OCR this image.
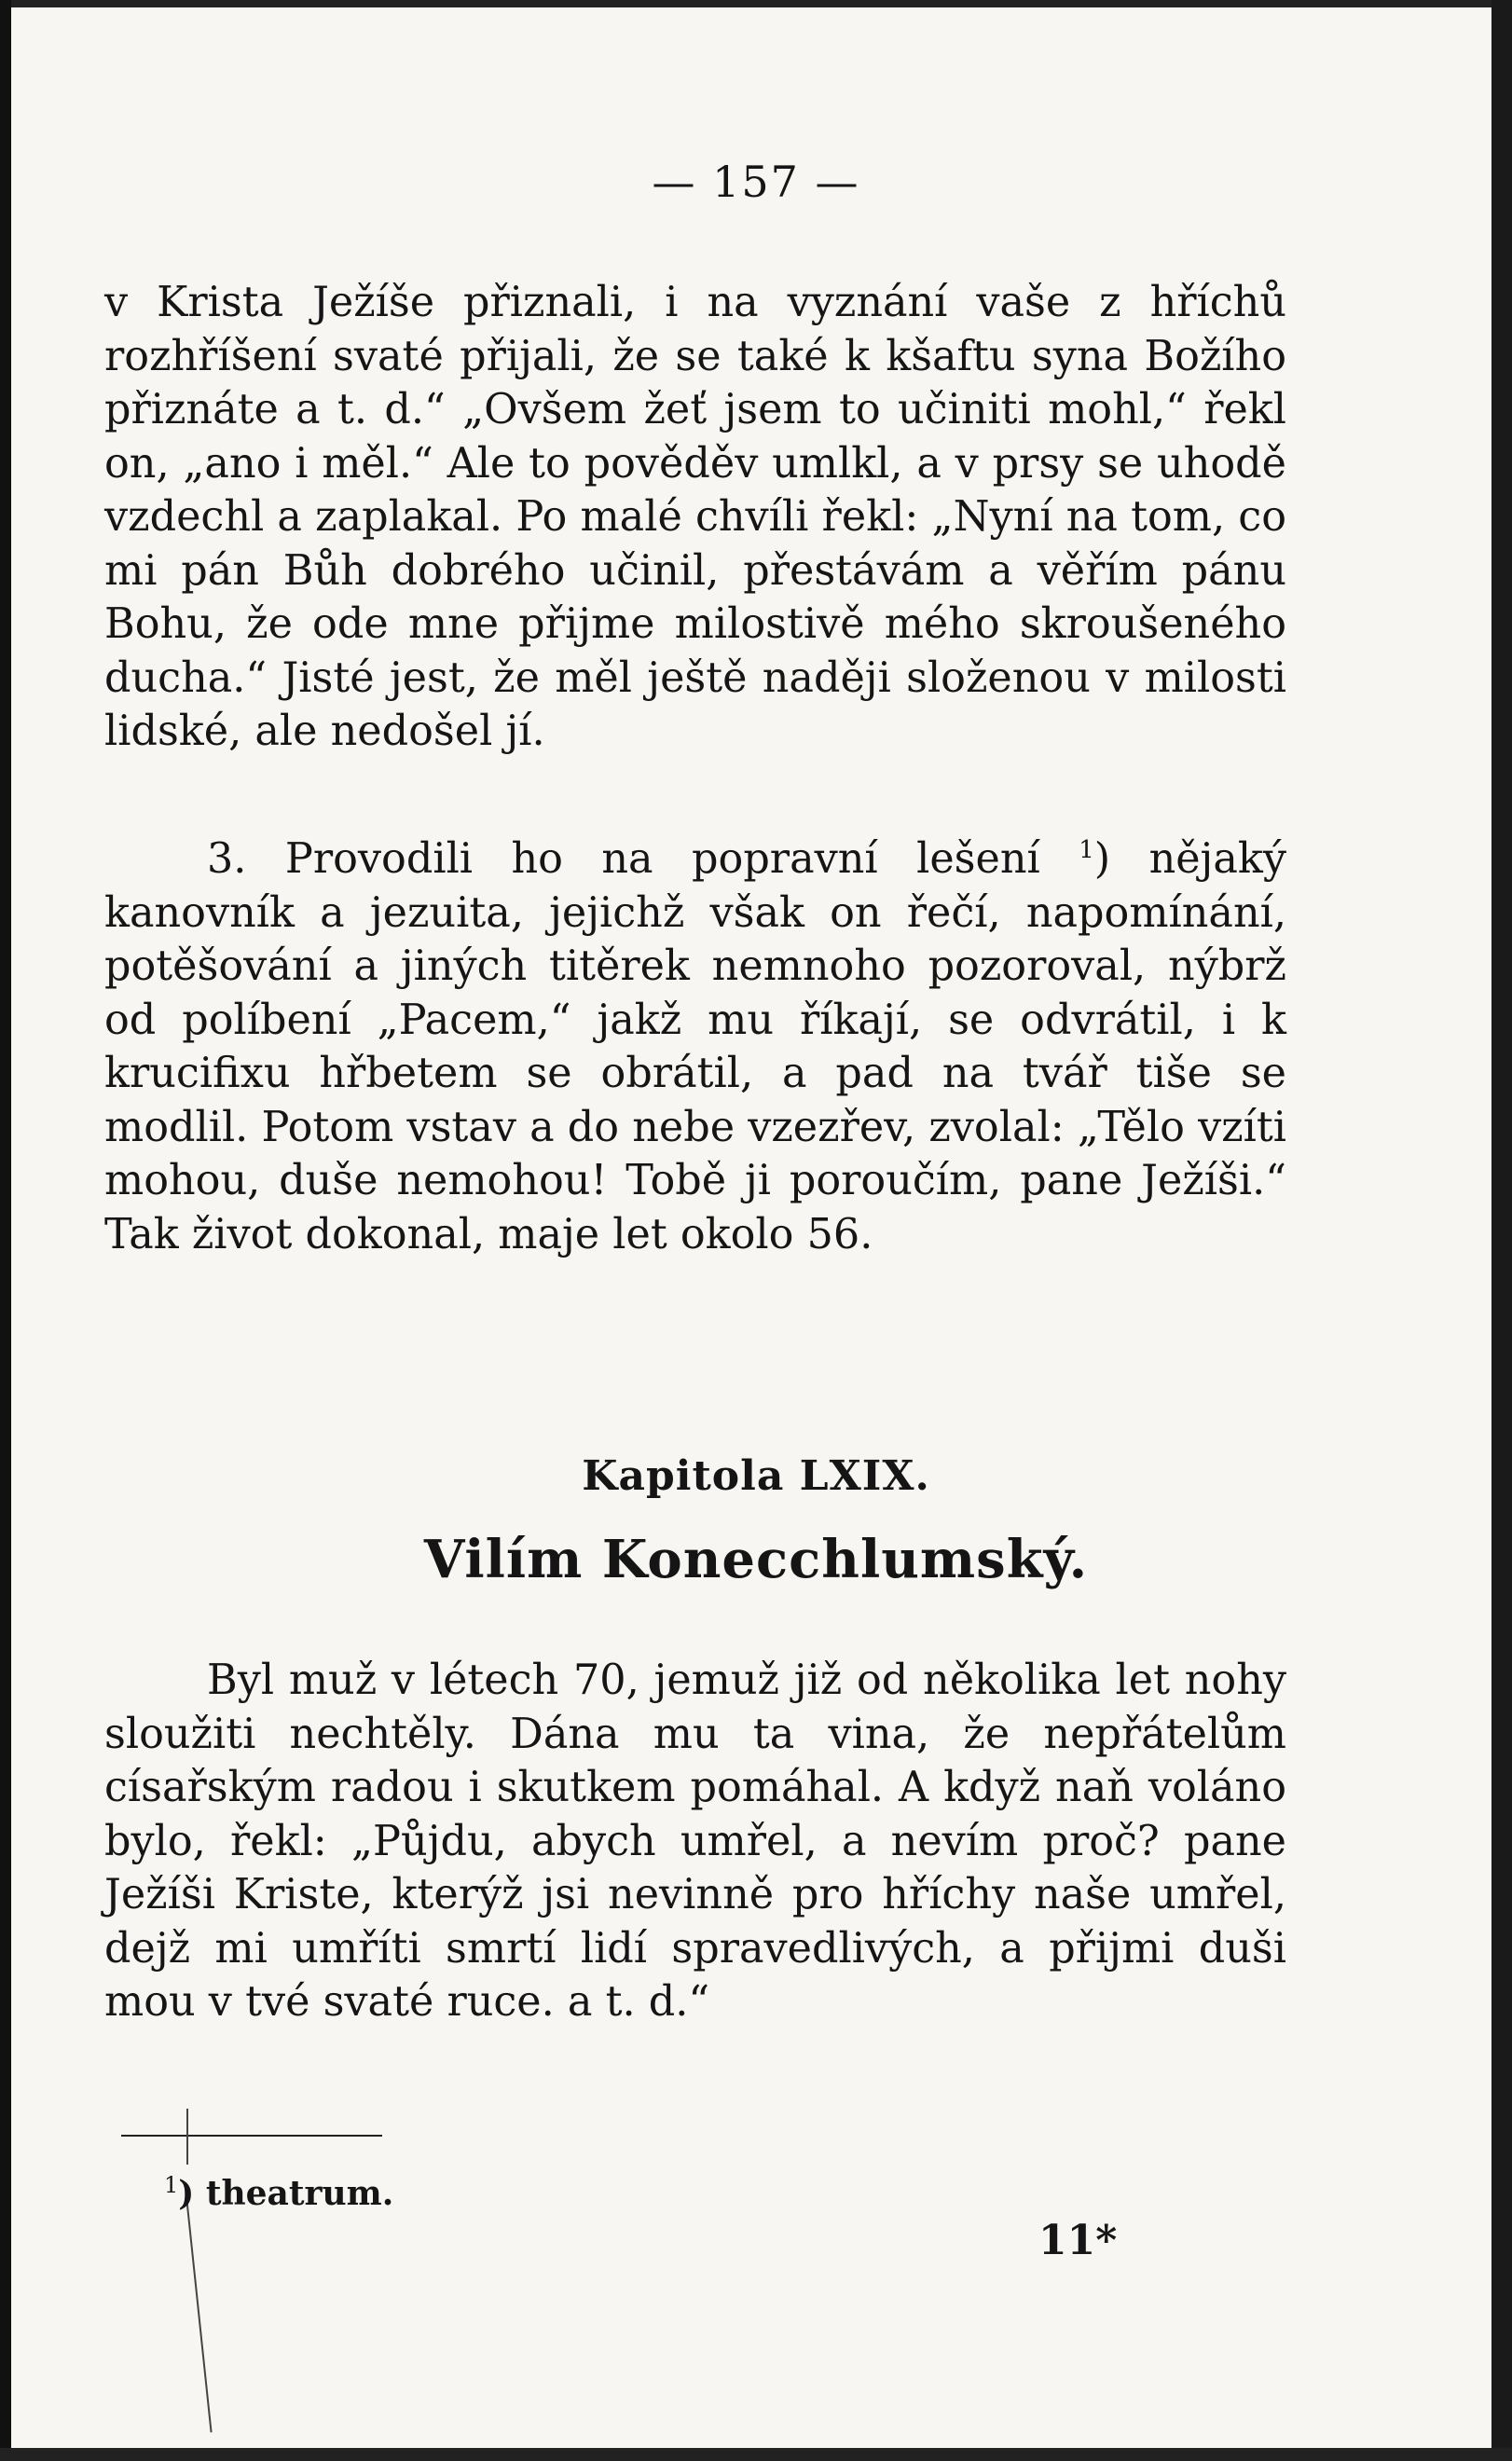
— 157 —

v Krista Ježíše přiznali, i na vyznání vaše z hříchů rozhříšení svaté přijali, že se také k kšaftu syna Božího přiznáte a t. d.“ „Ovšem žeť jsem to učiniti mohl,“ řekl on, „ano i měl.“ Ale to pověděv umlkl, a v prsy se uhodě vzdechl a zaplakal. Po malé chvíli řekl: „Nyní na tom, co mi pán Bůh dobrého učinil, přestávám a věřím pánu Bohu, že ode mne přijme milostivě mého skroušeného ducha.“ Jisté jest, že měl ještě naději složenou v milosti lidské, ale nedošel jí.

3. Provodili ho na popravní lešení $^1$) nějaký kanovník a jezuita, jejichž však on řečí, napomínání, potěšování a jiných titěrek nemnoho pozoroval, nýbrž od políbení „Pacem,“ jakž mu říkají, se odvrátil, i k krucifixu hřbetem se obrátil, a pad na tvář tiše se modlil. Potom vstav a do nebe vzezřev, zvolal: „Tělo vzíti mohou, duše nemohou! Tobě ji poroučím, pane Ježíši.“ Tak život dokonal, maje let okolo 56.

Kapitola LXIX.
Vilím Konecchlumský.

Byl muž v létech 70, jemuž již od několika let nohy sloužiti nechtěly. Dána mu ta vina, že nepřátelům císařským radou i skutkem pomáhal. A když naň voláno bylo, řekl: „Půjdu, abych umřel, a nevím proč? pane Ježíši Kriste, kterýž jsi nevinně pro hříchy naše umřel, dejž mi umříti smrtí lidí spravedlivých, a přijmi duši mou v tvé svaté ruce. a t. d.“

$^1$) theatrum.
11*
